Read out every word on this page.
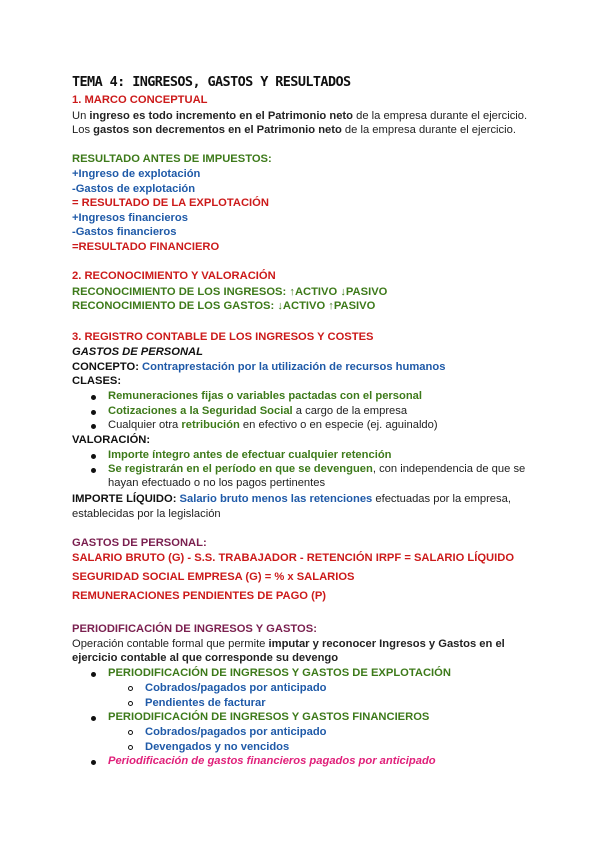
TEMA 4: INGRESOS, GASTOS Y RESULTADOS
1. MARCO CONCEPTUAL
Un ingreso es todo incremento en el Patrimonio neto de la empresa durante el ejercicio.
Los gastos son decrementos en el Patrimonio neto de la empresa durante el ejercicio.
RESULTADO ANTES DE IMPUESTOS:
+Ingreso de explotación
-Gastos de explotación
= RESULTADO DE LA EXPLOTACIÓN
+Ingresos financieros
-Gastos financieros
=RESULTADO FINANCIERO
2. RECONOCIMIENTO Y VALORACIÓN
RECONOCIMIENTO DE LOS INGRESOS: ↑ACTIVO ↓PASIVO
RECONOCIMIENTO DE LOS GASTOS: ↓ACTIVO ↑PASIVO
3. REGISTRO CONTABLE DE LOS INGRESOS Y COSTES
GASTOS DE PERSONAL
CONCEPTO: Contraprestación por la utilización de recursos humanos
CLASES:
Remuneraciones fijas o variables pactadas con el personal
Cotizaciones a la Seguridad Social a cargo de la empresa
Cualquier otra retribución en efectivo o en especie (ej. aguinaldo)
VALORACIÓN:
Importe íntegro antes de efectuar cualquier retención
Se registrarán en el período en que se devenguen, con independencia de que se
hayan efectuado o no los pagos pertinentes
IMPORTE LÍQUIDO: Salario bruto menos las retenciones efectuadas por la empresa,
establecidas por la legislación
GASTOS DE PERSONAL:
SALARIO BRUTO (G) - S.S. TRABAJADOR - RETENCIÓN IRPF = SALARIO LÍQUIDO
SEGURIDAD SOCIAL EMPRESA (G) = % x SALARIOS
REMUNERACIONES PENDIENTES DE PAGO (P)
PERIODIFICACIÓN DE INGRESOS Y GASTOS:
Operación contable formal que permite imputar y reconocer Ingresos y Gastos en el
ejercicio contable al que corresponde su devengo
PERIODIFICACIÓN DE INGRESOS Y GASTOS DE EXPLOTACIÓN
Cobrados/pagados por anticipado
Pendientes de facturar
PERIODIFICACIÓN DE INGRESOS Y GASTOS FINANCIEROS
Cobrados/pagados por anticipado
Devengados y no vencidos
Periodificación de gastos financieros pagados por anticipado
